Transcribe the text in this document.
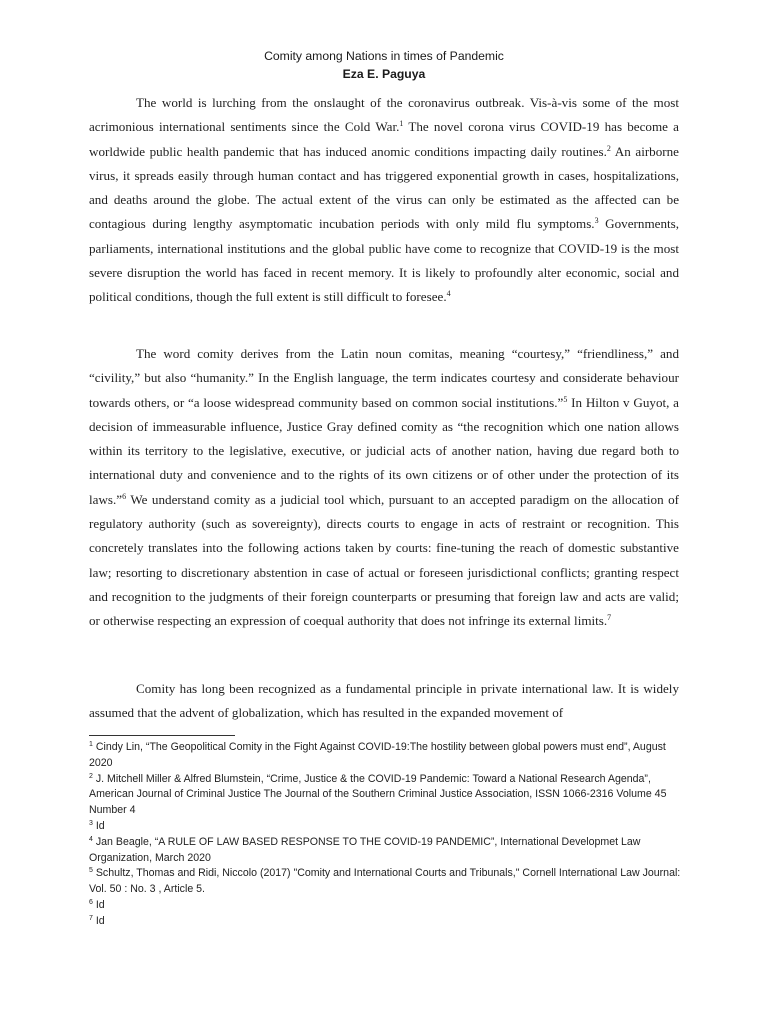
Comity among Nations in times of Pandemic
Eza E. Paguya

The world is lurching from the onslaught of the coronavirus outbreak. Vis-à-vis some of the most acrimonious international sentiments since the Cold War.$^1$ The novel corona virus COVID-19 has become a worldwide public health pandemic that has induced anomic conditions impacting daily routines.$^2$ An airborne virus, it spreads easily through human contact and has triggered exponential growth in cases, hospitalizations, and deaths around the globe. The actual extent of the virus can only be estimated as the affected can be contagious during lengthy asymptomatic incubation periods with only mild flu symptoms.$^3$ Governments, parliaments, international institutions and the global public have come to recognize that COVID-19 is the most severe disruption the world has faced in recent memory. It is likely to profoundly alter economic, social and political conditions, though the full extent is still difficult to foresee.$^4$

The word comity derives from the Latin noun comitas, meaning “courtesy,” “friendliness,” and “civility,” but also “humanity.” In the English language, the term indicates courtesy and considerate behaviour towards others, or “a loose widespread community based on common social institutions.”$^5$ In Hilton v Guyot, a decision of immeasurable influence, Justice Gray defined comity as “the recognition which one nation allows within its territory to the legislative, executive, or judicial acts of another nation, having due regard both to international duty and convenience and to the rights of its own citizens or of other under the protection of its laws.”$^6$ We understand comity as a judicial tool which, pursuant to an accepted paradigm on the allocation of regulatory authority (such as sovereignty), directs courts to engage in acts of restraint or recognition. This concretely translates into the following actions taken by courts: fine-tuning the reach of domestic substantive law; resorting to discretionary abstention in case of actual or foreseen jurisdictional conflicts; granting respect and recognition to the judgments of their foreign counterparts or presuming that foreign law and acts are valid; or otherwise respecting an expression of coequal authority that does not infringe its external limits.$^7$

Comity has long been recognized as a fundamental principle in private international law. It is widely assumed that the advent of globalization, which has resulted in the expanded movement of

$^1$ Cindy Lin, “The Geopolitical Comity in the Fight Against COVID-19:The hostility between global powers must end”, August 2020
$^2$ J. Mitchell Miller & Alfred Blumstein, “Crime, Justice & the COVID-19 Pandemic: Toward a National Research Agenda”, American Journal of Criminal Justice The Journal of the Southern Criminal Justice Association, ISSN 1066-2316 Volume 45 Number 4
$^3$ Id
$^4$ Jan Beagle, “A RULE OF LAW BASED RESPONSE TO THE COVID-19 PANDEMIC”, International Developmet Law Organization, March 2020
$^5$ Schultz, Thomas and Ridi, Niccolo (2017) "Comity and International Courts and Tribunals," Cornell International Law Journal: Vol. 50 : No. 3 , Article 5.
$^6$ Id
$^7$ Id
